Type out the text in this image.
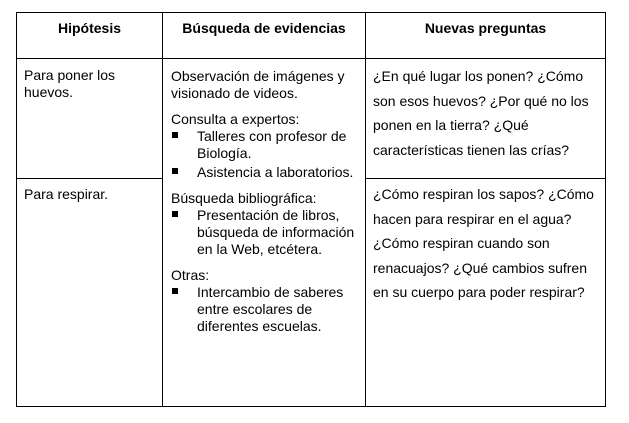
Hipótesis	Búsqueda de evidencias	Nuevas preguntas

Para poner los huevos.

Para respirar.

Observación de imágenes y visionado de videos.

Consulta a expertos:

Talleres con profesor de Biología.
Asistencia a laboratorios.

Búsqueda bibliográfica:

Presentación de libros, búsqueda de información en la Web, etcétera.

Otras:

Intercambio de saberes entre escolares de diferentes escuelas.

¿En qué lugar los ponen? ¿Cómo son esos huevos? ¿Por qué no los ponen en la tierra? ¿Qué características tienen las crías?

¿Cómo respiran los sapos? ¿Cómo hacen para respirar en el agua? ¿Cómo respiran cuando son renacuajos? ¿Qué cambios sufren en su cuerpo para poder respirar?
